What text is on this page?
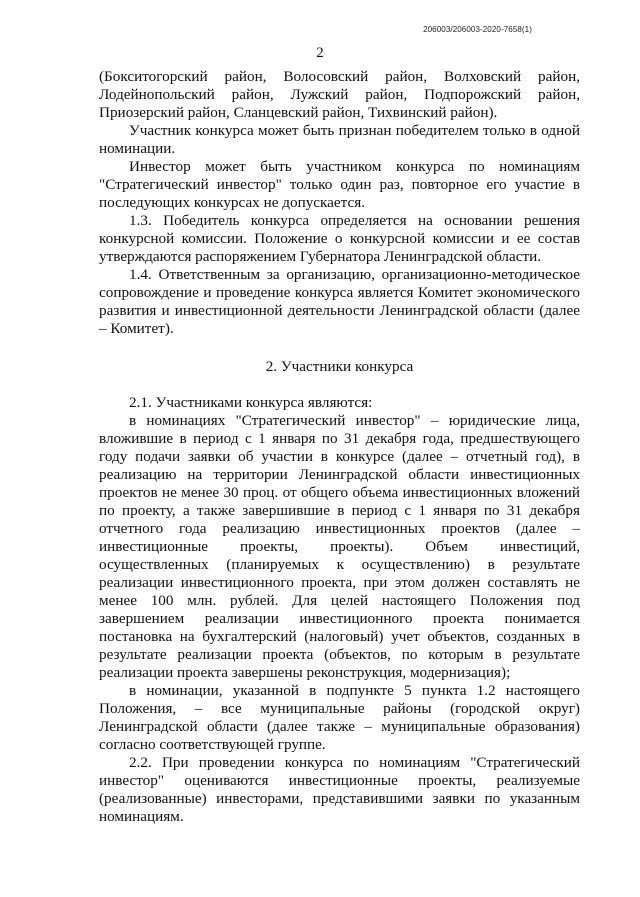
206003/206003-2020-7658(1)
2

(Бокситогорский район, Волосовский район, Волховский район, Лодейнопольский район, Лужский район, Подпорожский район, Приозерский район, Сланцевский район, Тихвинский район).

Участник конкурса может быть признан победителем только в одной номинации.

Инвестор может быть участником конкурса по номинациям "Стратегический инвестор" только один раз, повторное его участие в последующих конкурсах не допускается.

1.3. Победитель конкурса определяется на основании решения конкурсной комиссии. Положение о конкурсной комиссии и ее состав утверждаются распоряжением Губернатора Ленинградской области.

1.4. Ответственным за организацию, организационно-методическое сопровождение и проведение конкурса является Комитет экономического развития и инвестиционной деятельности Ленинградской области (далее – Комитет).

2. Участники конкурса

2.1. Участниками конкурса являются:

в номинациях "Стратегический инвестор" – юридические лица, вложившие в период с 1 января по 31 декабря года, предшествующего году подачи заявки об участии в конкурсе (далее – отчетный год), в реализацию на территории Ленинградской области инвестиционных проектов не менее 30 проц. от общего объема инвестиционных вложений по проекту, а также завершившие в период с 1 января по 31 декабря отчетного года реализацию инвестиционных проектов (далее – инвестиционные проекты, проекты). Объем инвестиций, осуществленных (планируемых к осуществлению) в результате реализации инвестиционного проекта, при этом должен составлять не менее 100 млн. рублей. Для целей настоящего Положения под завершением реализации инвестиционного проекта понимается постановка на бухгалтерский (налоговый) учет объектов, созданных в результате реализации проекта (объектов, по которым в результате реализации проекта завершены реконструкция, модернизация);

в номинации, указанной в подпункте 5 пункта 1.2 настоящего Положения, – все муниципальные районы (городской округ) Ленинградской области (далее также – муниципальные образования) согласно соответствующей группе.

2.2. При проведении конкурса по номинациям "Стратегический инвестор" оцениваются инвестиционные проекты, реализуемые (реализованные) инвесторами, представившими заявки по указанным номинациям.
